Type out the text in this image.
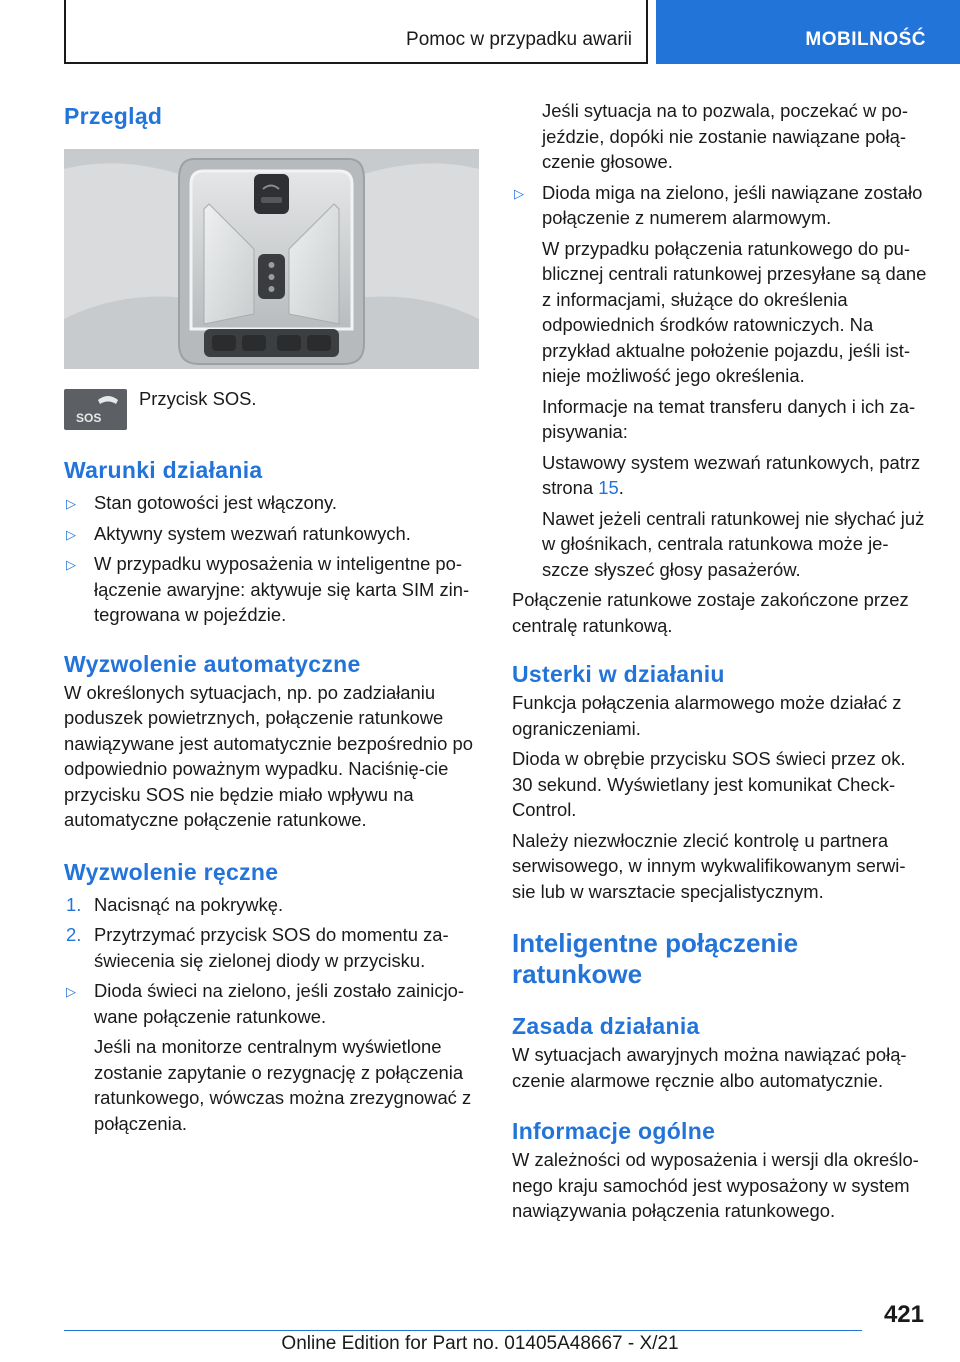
Pomoc w przypadku awarii	MOBILNOŚĆ
Przegląd
SOS

Przycisk SOS.

Warunki działania
▷ Stan gotowości jest włączony.
▷ Aktywny system wezwań ratunkowych.
▷ W przypadku wyposażenia w inteligentne po-łączenie awaryjne: aktywuje się karta SIM zin-tegrowana w pojeździe.
Wyzwolenie automatyczne

W określonych sytuacjach, np. po zadziałaniu poduszek powietrznych, połączenie ratunkowe nawiązywane jest automatycznie bezpośrednio po odpowiednio poważnym wypadku. Naciśnię-cie przycisku SOS nie będzie miało wpływu na automatyczne połączenie ratunkowe.

Wyzwolenie ręczne
1. Nacisnąć na pokrywkę.
2. Przytrzymać przycisk SOS do momentu za-świecenia się zielonej diody w przycisku.
▷ Dioda świeci na zielono, jeśli zostało zainicjo-wane połączenie ratunkowe.
Jeśli na monitorze centralnym wyświetlone zostanie zapytanie o rezygnację z połączenia ratunkowego, wówczas można zrezygnować z połączenia.
Jeśli sytuacja na to pozwala, poczekać w po-jeździe, dopóki nie zostanie nawiązane połą-czenie głosowe.
▷ Dioda miga na zielono, jeśli nawiązane zostało połączenie z numerem alarmowym.
W przypadku połączenia ratunkowego do pu-blicznej centrali ratunkowej przesyłane są dane z informacjami, służące do określenia odpowiednich środków ratowniczych. Na przykład aktualne położenie pojazdu, jeśli ist-nieje możliwość jego określenia.
Informacje na temat transferu danych i ich za-pisywania:
Ustawowy system wezwań ratunkowych, patrz strona 15.
Nawet jeżeli centrali ratunkowej nie słychać już w głośnikach, centrala ratunkowa może je-szcze słyszeć głosy pasażerów.

Połączenie ratunkowe zostaje zakończone przez centralę ratunkową.

Usterki w działaniu

Funkcja połączenia alarmowego może działać z ograniczeniami.

Dioda w obrębie przycisku SOS świeci przez ok. 30 sekund. Wyświetlany jest komunikat Check-Control.

Należy niezwłocznie zlecić kontrolę u partnera serwisowego, w innym wykwalifikowanym serwi-sie lub w warsztacie specjalistycznym.

Inteligentne połączenie
ratunkowe
Zasada działania

W sytuacjach awaryjnych można nawiązać połą-czenie alarmowe ręcznie albo automatycznie.

Informacje ogólne

W zależności od wyposażenia i wersji dla określo-nego kraju samochód jest wyposażony w system nawiązywania połączenia ratunkowego.

421
Online Edition for Part no. 01405A48667 - X/21
